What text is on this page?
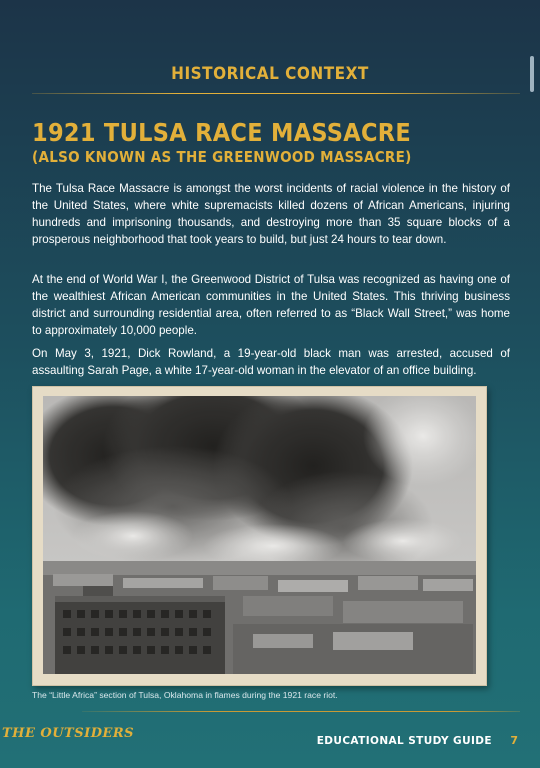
HISTORICAL CONTEXT
1921 TULSA RACE MASSACRE
(ALSO KNOWN AS THE GREENWOOD MASSACRE)

The Tulsa Race Massacre is amongst the worst incidents of racial violence in the history of the United States, where white supremacists killed dozens of African Americans, injuring hundreds and imprisoning thousands, and destroying more than 35 square blocks of a prosperous neighborhood that took years to build, but just 24 hours to tear down.

At the end of World War I, the Greenwood District of Tulsa was recognized as having one of the wealthiest African American communities in the United States. This thriving business district and surrounding residential area, often referred to as “Black Wall Street,” was home to approximately 10,000 people.

On May 3, 1921, Dick Rowland, a 19-year-old black man was arrested, accused of assaulting Sarah Page, a white 17-year-old woman in the elevator of an office building.

The “Little Africa” section of Tulsa, Oklahoma in flames during the 1921 race riot.
THE OUTSIDERS	EDUCATIONAL STUDY GUIDE 7
